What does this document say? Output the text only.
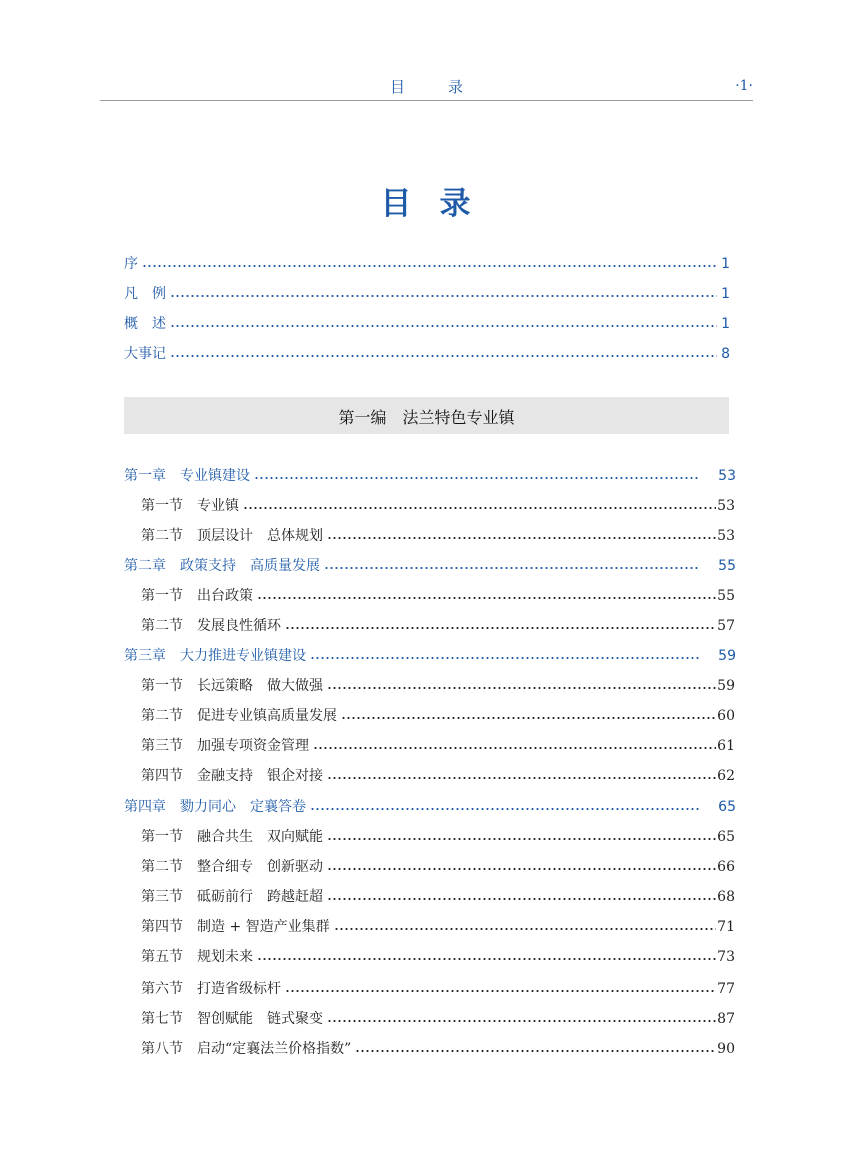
目　录	·1·
目录
序	1
凡　例	1
概　述	1
大事记	8
第一编　法兰特色专业镇
第一章　专业镇建设	53
第一节　专业镇	53
第二节　顶层设计　总体规划	53
第二章　政策支持　高质量发展	55
第一节　出台政策	55
第二节　发展良性循环	57
第三章　大力推进专业镇建设	59
第一节　长远策略　做大做强	59
第二节　促进专业镇高质量发展	60
第三节　加强专项资金管理	61
第四节　金融支持　银企对接	62
第四章　勠力同心　定襄答卷	65
第一节　融合共生　双向赋能	65
第二节　整合细专　创新驱动	66
第三节　砥砺前行　跨越赶超	68
第四节　制造 + 智造产业集群	71
第五节　规划未来	73
第六节　打造省级标杆	77
第七节　智创赋能　链式聚变	87
第八节　启动“定襄法兰价格指数”	90
